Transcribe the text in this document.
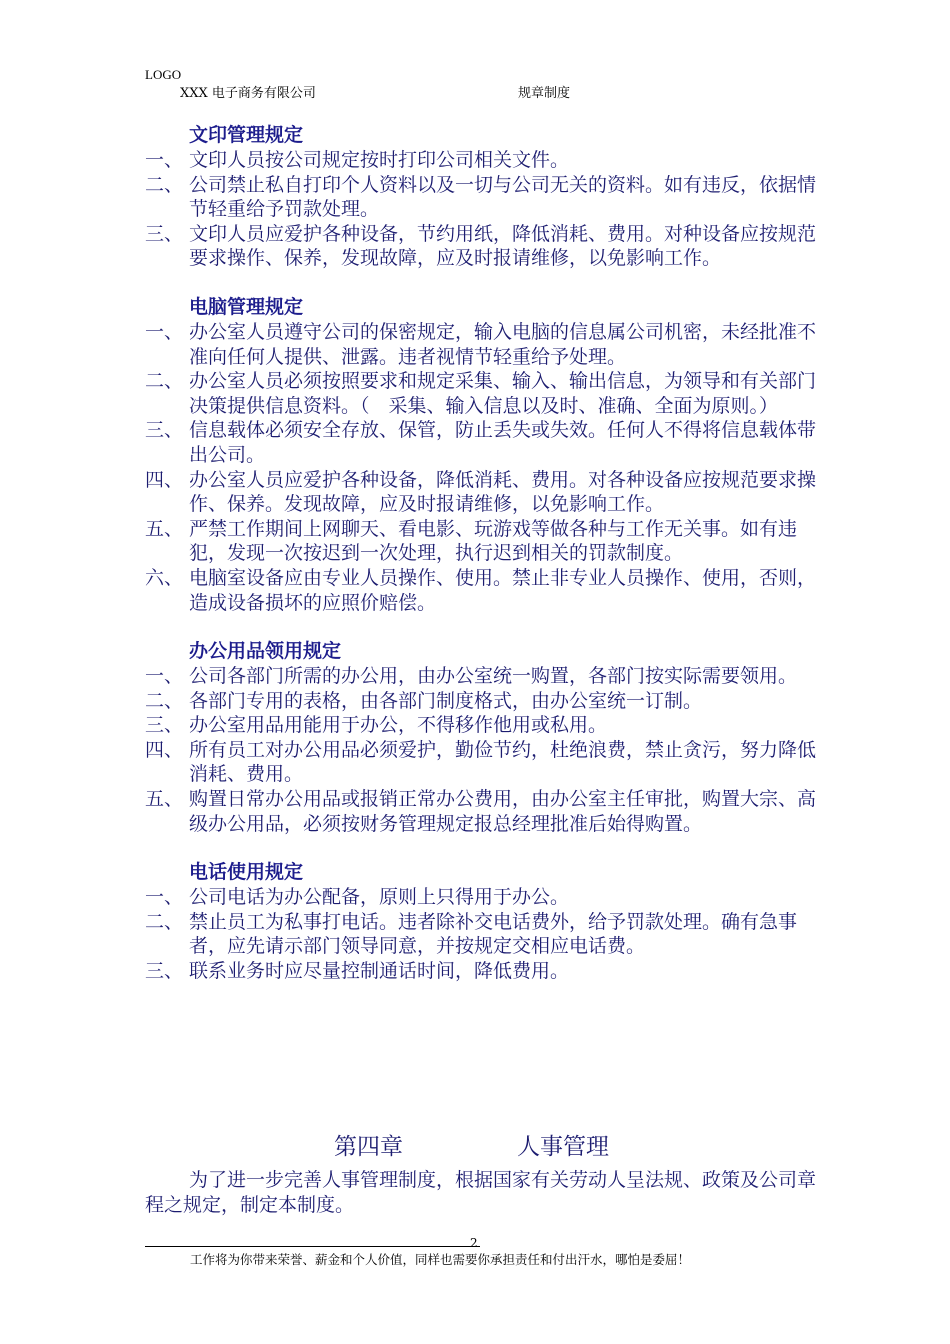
LOGO
XXX 电子商务有限公司	规章制度
文印管理规定
一、 文印人员按公司规定按时打印公司相关文件。
二、 公司禁止私自打印个人资料以及一切与公司无关的资料。如有违反，依据情节轻重给予罚款处理。
三、 文印人员应爱护各种设备，节约用纸，降低消耗、费用。对种设备应按规范要求操作、保养，发现故障，应及时报请维修，以免影响工作。
电脑管理规定
一、 办公室人员遵守公司的保密规定，输入电脑的信息属公司机密，未经批准不准向任何人提供、泄露。违者视情节轻重给予处理。
二、 办公室人员必须按照要求和规定采集、输入、输出信息，为领导和有关部门决策提供信息资料。（　采集、输入信息以及时、准确、全面为原则。）
三、 信息载体必须安全存放、保管，防止丢失或失效。任何人不得将信息载体带出公司。
四、 办公室人员应爱护各种设备，降低消耗、费用。对各种设备应按规范要求操作、保养。发现故障，应及时报请维修，以免影响工作。
五、 严禁工作期间上网聊天、看电影、玩游戏等做各种与工作无关事。如有违犯，发现一次按迟到一次处理，执行迟到相关的罚款制度。
六、 电脑室设备应由专业人员操作、使用。禁止非专业人员操作、使用，否则，造成设备损坏的应照价赔偿。
办公用品领用规定
一、 公司各部门所需的办公用，由办公室统一购置，各部门按实际需要领用。
二、 各部门专用的表格，由各部门制度格式，由办公室统一订制。
三、 办公室用品用能用于办公，不得移作他用或私用。
四、 所有员工对办公用品必须爱护，勤俭节约，杜绝浪费，禁止贪污，努力降低消耗、费用。
五、 购置日常办公用品或报销正常办公费用，由办公室主任审批，购置大宗、高级办公用品，必须按财务管理规定报总经理批准后始得购置。
电话使用规定
一、 公司电话为办公配备，原则上只得用于办公。
二、 禁止员工为私事打电话。违者除补交电话费外，给予罚款处理。确有急事者，应先请示部门领导同意，并按规定交相应电话费。
三、 联系业务时应尽量控制通话时间，降低费用。
第四章	人事管理
为了进一步完善人事管理制度，根据国家有关劳动人呈法规、政策及公司章程之规定，制定本制度。
2
工作将为你带来荣誉、薪金和个人价值，同样也需要你承担责任和付出汗水，哪怕是委屈！
